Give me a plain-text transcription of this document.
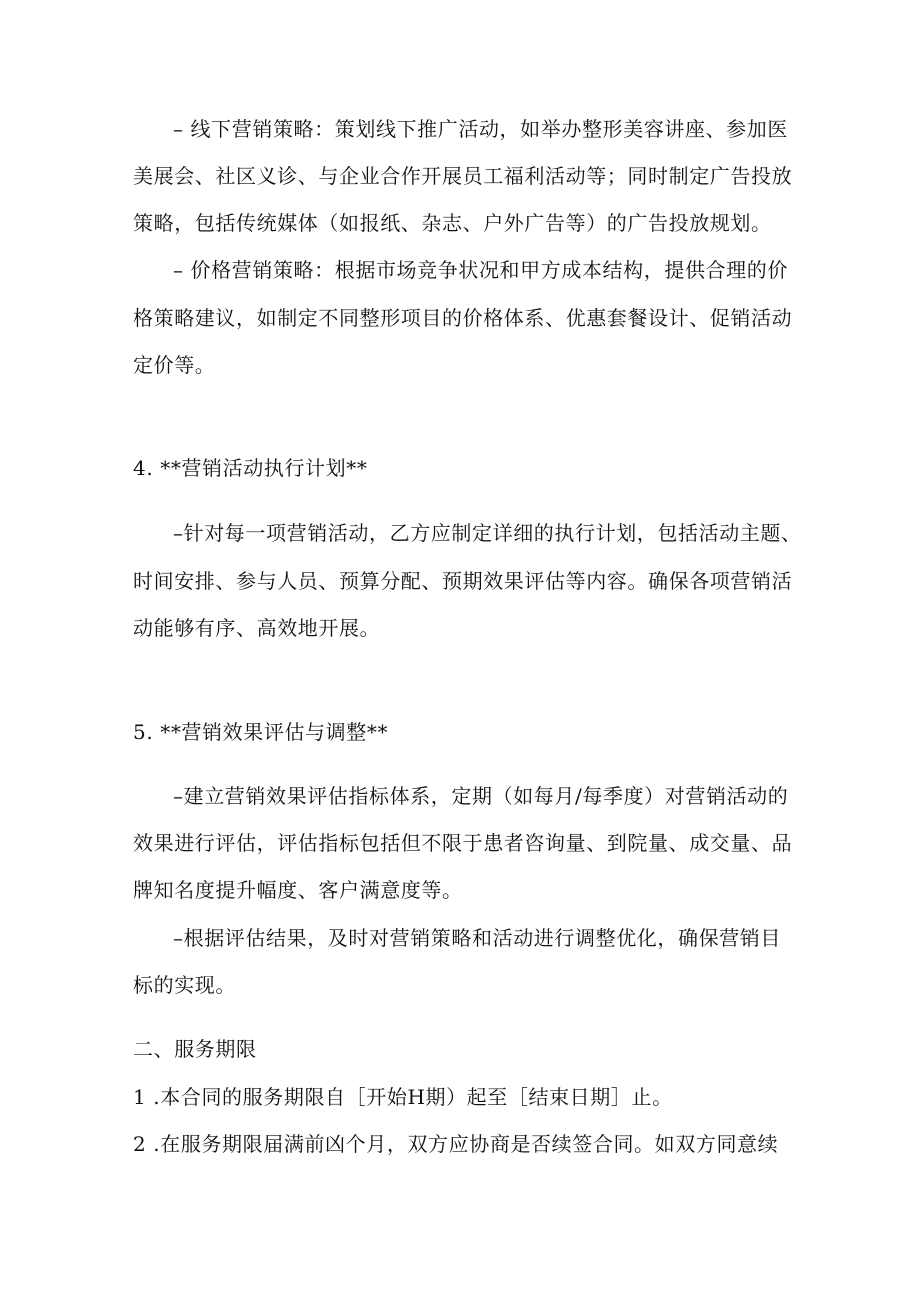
– 线下营销策略：策划线下推广活动，如举办整形美容讲座、参加医
美展会、社区义诊、与企业合作开展员工福利活动等；同时制定广告投放
策略，包括传统媒体（如报纸、杂志、户外广告等）的广告投放规划。
– 价格营销策略：根据市场竞争状况和甲方成本结构，提供合理的价
格策略建议，如制定不同整形项目的价格体系、优惠套餐设计、促销活动
定价等。
4. **营销活动执行计划**
–针对每一项营销活动，乙方应制定详细的执行计划，包括活动主题、
时间安排、参与人员、预算分配、预期效果评估等内容。确保各项营销活
动能够有序、高效地开展。
5. **营销效果评估与调整**
–建立营销效果评估指标体系，定期（如每月/每季度）对营销活动的
效果进行评估，评估指标包括但不限于患者咨询量、到院量、成交量、品
牌知名度提升幅度、客户满意度等。
–根据评估结果，及时对营销策略和活动进行调整优化，确保营销目
标的实现。
二、服务期限
1 .本合同的服务期限自［开始H期）起至［结束日期］止。
2 .在服务期限届满前凶个月，双方应协商是否续签合同。如双方同意续
